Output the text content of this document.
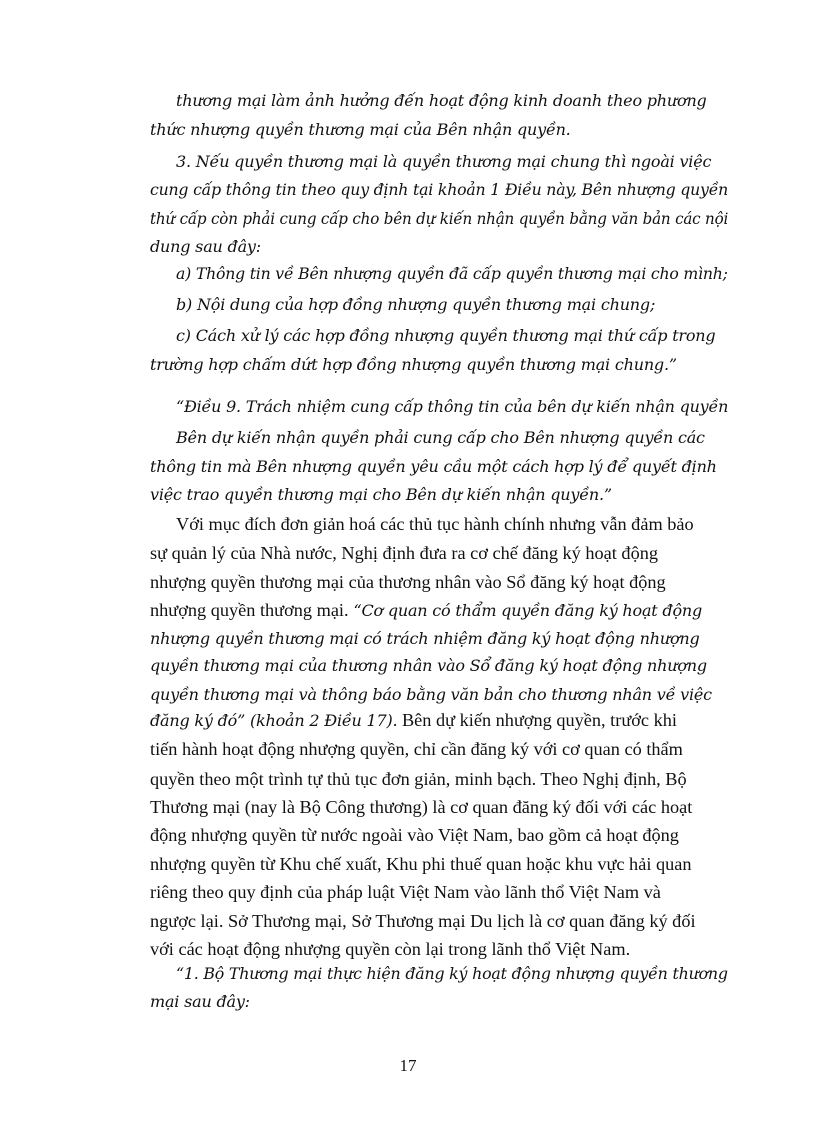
thương mại làm ảnh hưởng đến hoạt động kinh doanh theo phương
thức nhượng quyền thương mại của Bên nhận quyền.
3. Nếu quyền thương mại là quyền thương mại chung thì ngoài việc
cung cấp thông tin theo quy định tại khoản 1 Điều này, Bên nhượng quyền
thứ cấp còn phải cung cấp cho bên dự kiến nhận quyền bằng văn bản các nội
dung sau đây:
a) Thông tin về Bên nhượng quyền đã cấp quyền thương mại cho mình;
b) Nội dung của hợp đồng nhượng quyền thương mại chung;
c) Cách xử lý các hợp đồng nhượng quyền thương mại thứ cấp trong
trường hợp chấm dứt hợp đồng nhượng quyền thương mại chung.”
“Điều 9. Trách nhiệm cung cấp thông tin của bên dự kiến nhận quyền
Bên dự kiến nhận quyền phải cung cấp cho Bên nhượng quyền các
thông tin mà Bên nhượng quyền yêu cầu một cách hợp lý để quyết định
việc trao quyền thương mại cho Bên dự kiến nhận quyền.”
Với mục đích đơn giản hoá các thủ tục hành chính nhưng vẫn đảm bảo
sự quản lý của Nhà nước, Nghị định đưa ra cơ chế đăng ký hoạt động
nhượng quyền thương mại của thương nhân vào Sổ đăng ký hoạt động
nhượng quyền thương mại. “Cơ quan có thẩm quyền đăng ký hoạt động
nhượng quyền thương mại có trách nhiệm đăng ký hoạt động nhượng
quyền thương mại của thương nhân vào Sổ đăng ký hoạt động nhượng
quyền thương mại và thông báo bằng văn bản cho thương nhân về việc
đăng ký đó” (khoản 2 Điều 17). Bên dự kiến nhượng quyền, trước khi
tiến hành hoạt động nhượng quyền, chỉ cần đăng ký với cơ quan có thẩm
quyền theo một trình tự thủ tục đơn giản, minh bạch. Theo Nghị định, Bộ
Thương mại (nay là Bộ Công thương) là cơ quan đăng ký đối với các hoạt
động nhượng quyền từ nước ngoài vào Việt Nam, bao gồm cả hoạt động
nhượng quyền từ Khu chế xuất, Khu phi thuế quan hoặc khu vực hải quan
riêng theo quy định của pháp luật Việt Nam vào lãnh thổ Việt Nam và
ngược lại. Sở Thương mại, Sở Thương mại Du lịch là cơ quan đăng ký đối
với các hoạt động nhượng quyền còn lại trong lãnh thổ Việt Nam.
“1. Bộ Thương mại thực hiện đăng ký hoạt động nhượng quyền thương
mại sau đây:
17
